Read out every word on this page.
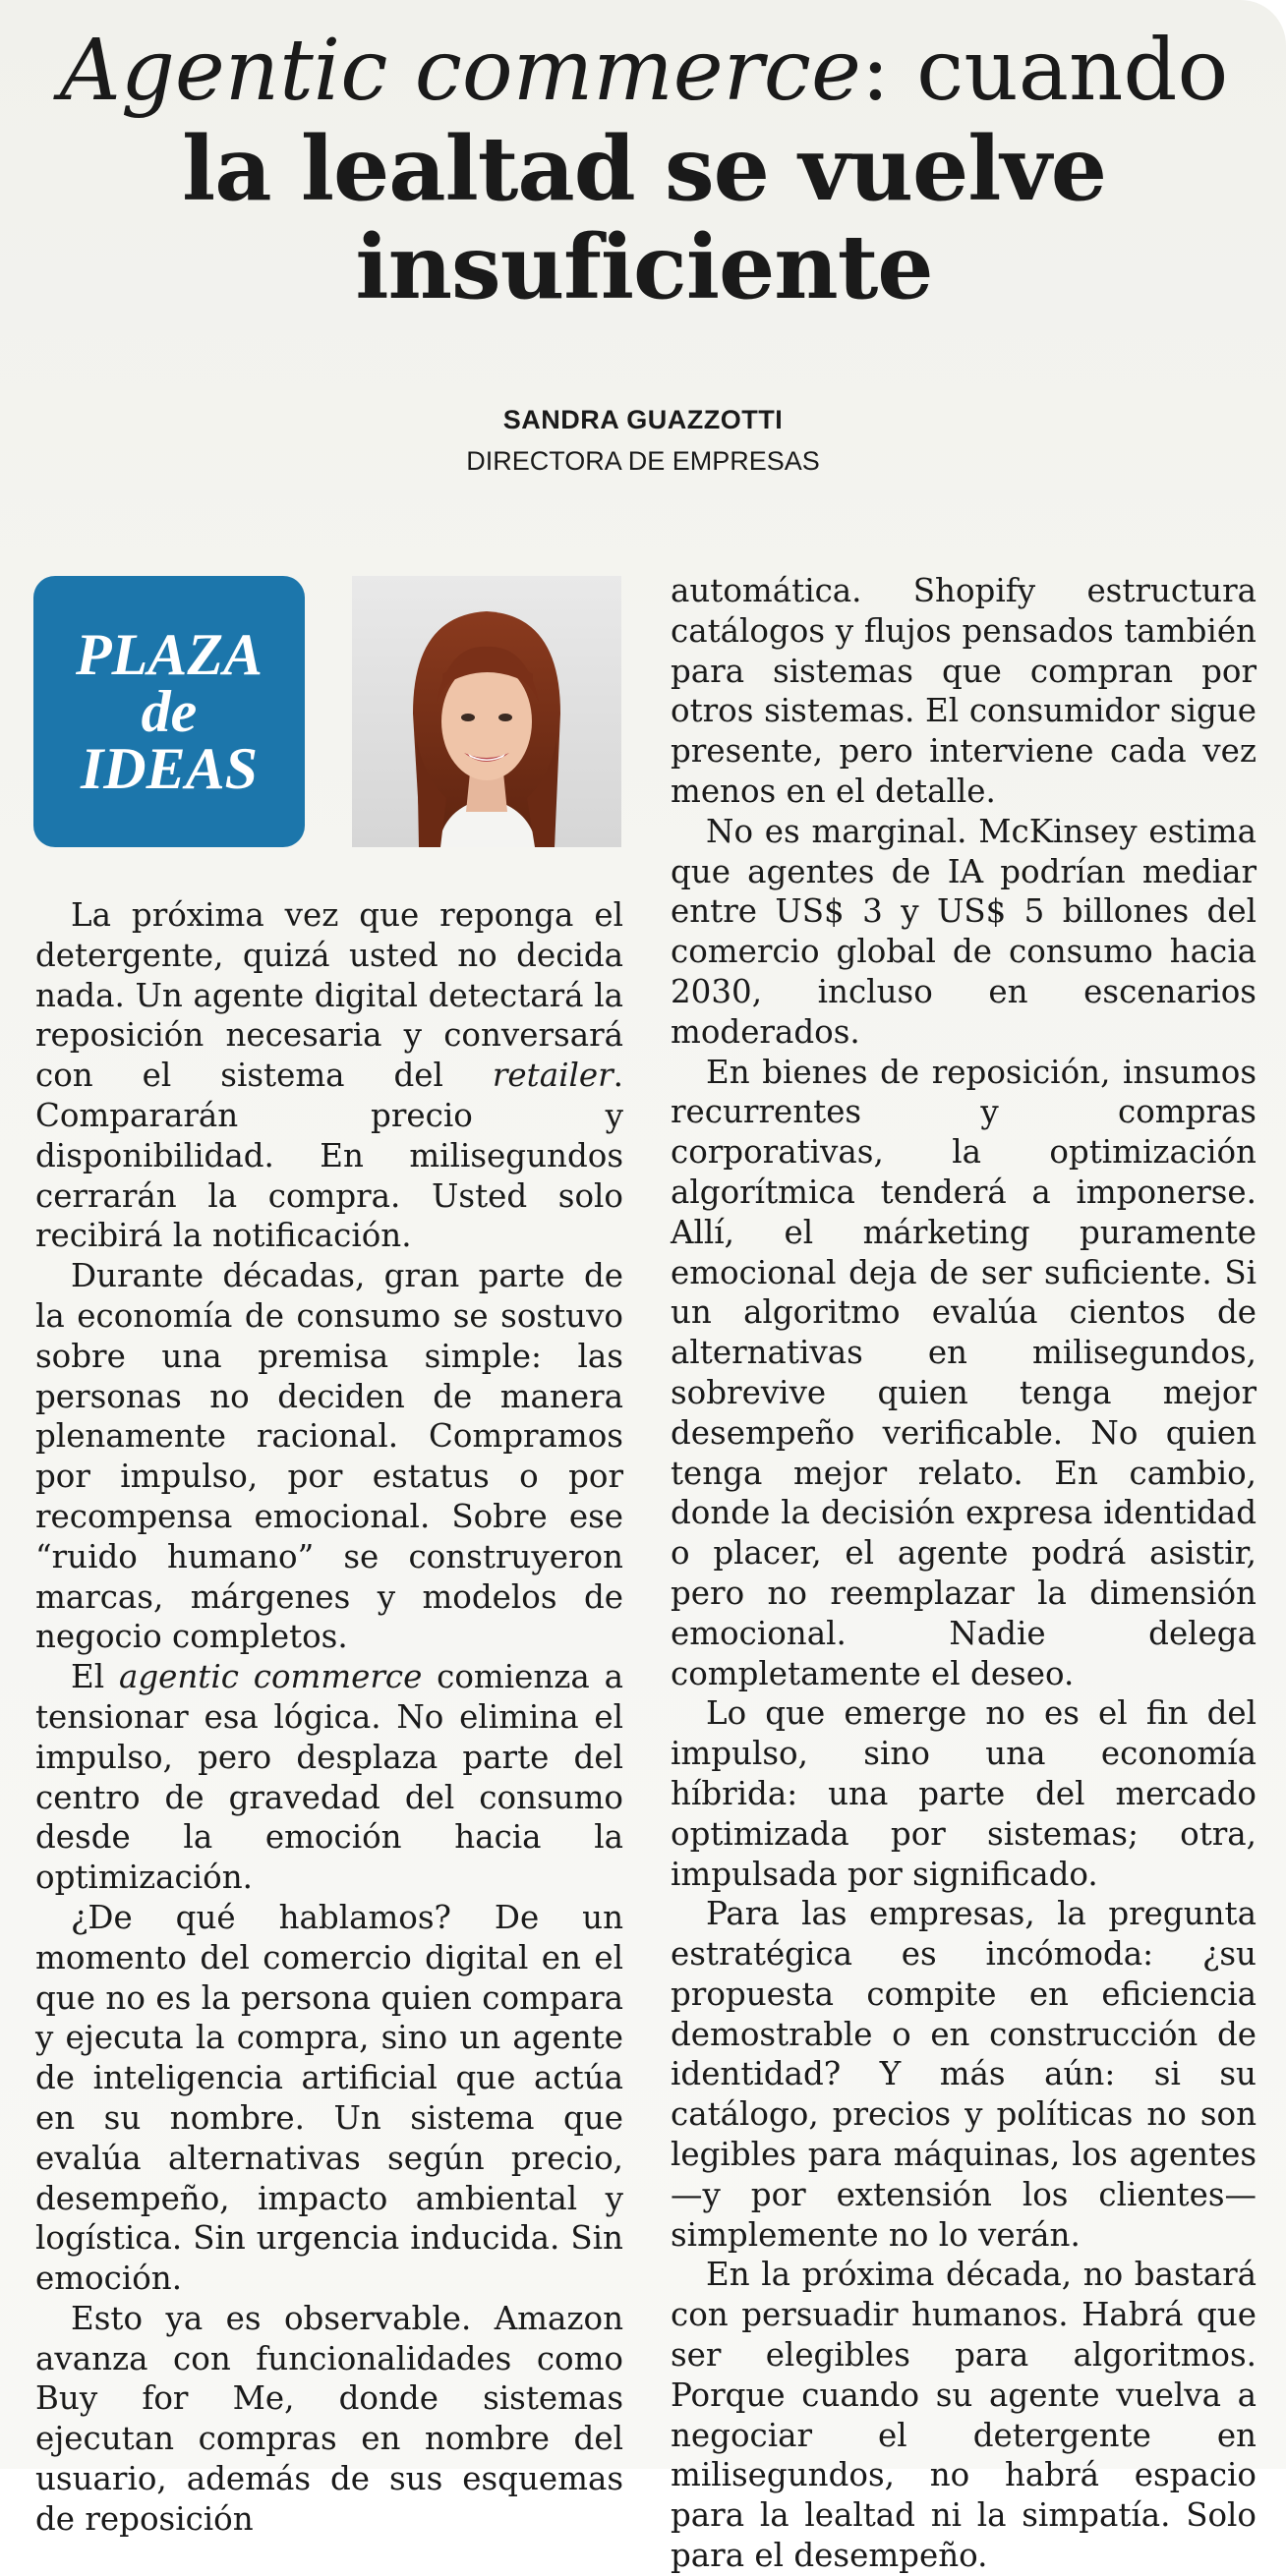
Agentic commerce: cuando
la lealtad se vuelve
insuficiente
SANDRA GUAZZOTTI
DIRECTORA DE EMPRESAS
PLAZA
de
IDEAS

La próxima vez que reponga el detergente, quizá usted no decida nada. Un agente digital detectará la reposición necesaria y conversará con el sistema del retailer. Compararán precio y disponibilidad. En milisegundos cerrarán la compra. Usted solo recibirá la notificación.

Durante décadas, gran parte de la economía de consumo se sostuvo sobre una premisa simple: las personas no deciden de manera plenamente racional. Compramos por impulso, por estatus o por recompensa emocional. Sobre ese “ruido humano” se construyeron marcas, márgenes y modelos de negocio completos.

El agentic commerce comienza a tensionar esa lógica. No elimina el impulso, pero desplaza parte del centro de gravedad del consumo desde la emoción hacia la optimización.

¿De qué hablamos? De un momento del comercio digital en el que no es la persona quien compara y ejecuta la compra, sino un agente de inteligencia artificial que actúa en su nombre. Un sistema que evalúa alternativas según precio, desempeño, impacto ambiental y logística. Sin urgencia inducida. Sin emoción.

Esto ya es observable. Amazon avanza con funcionalidades como Buy for Me, donde sistemas ejecutan compras en nombre del usuario, además de sus esquemas de reposición

automática. Shopify estructura catálogos y flujos pensados también para sistemas que compran por otros sistemas. El consumidor sigue presente, pero interviene cada vez menos en el detalle.

No es marginal. McKinsey estima que agentes de IA podrían mediar entre US$ 3 y US$ 5 billones del comercio global de consumo hacia 2030, incluso en escenarios moderados.

En bienes de reposición, insumos recurrentes y compras corporativas, la optimización algorítmica tenderá a imponerse. Allí, el márketing puramente emocional deja de ser suficiente. Si un algoritmo evalúa cientos de alternativas en milisegundos, sobrevive quien tenga mejor desempeño verificable. No quien tenga mejor relato. En cambio, donde la decisión expresa identidad o placer, el agente podrá asistir, pero no reemplazar la dimensión emocional. Nadie delega completamente el deseo.

Lo que emerge no es el fin del impulso, sino una economía híbrida: una parte del mercado optimizada por sistemas; otra, impulsada por significado.

Para las empresas, la pregunta estratégica es incómoda: ¿su propuesta compite en eficiencia demostrable o en construcción de identidad? Y más aún: si su catálogo, precios y políticas no son legibles para máquinas, los agentes —y por extensión los clientes— simplemente no lo verán.

En la próxima década, no bastará con persuadir humanos. Habrá que ser elegibles para algoritmos. Porque cuando su agente vuelva a negociar el detergente en milisegundos, no habrá espacio para la lealtad ni la simpatía. Solo para el desempeño.
